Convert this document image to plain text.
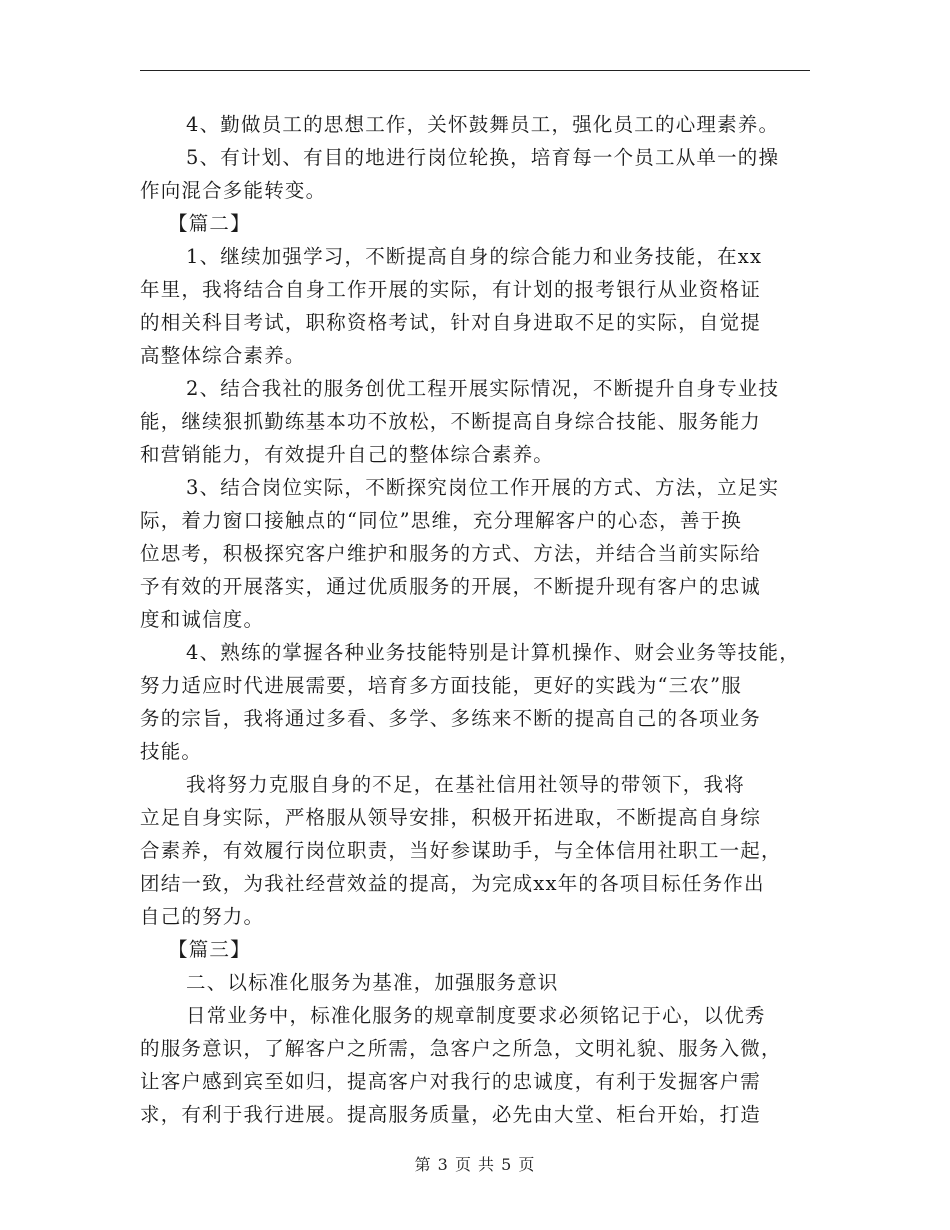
4、勤做员工的思想工作，关怀鼓舞员工，强化员工的心理素养。
5、有计划、有目的地进行岗位轮换，培育每一个员工从单一的操
作向混合多能转变。
【篇二】
1、继续加强学习，不断提高自身的综合能力和业务技能，在xx
年里，我将结合自身工作开展的实际，有计划的报考银行从业资格证
的相关科目考试，职称资格考试，针对自身进取不足的实际，自觉提
高整体综合素养。
2、结合我社的服务创优工程开展实际情况，不断提升自身专业技
能，继续狠抓勤练基本功不放松，不断提高自身综合技能、服务能力
和营销能力，有效提升自己的整体综合素养。
3、结合岗位实际，不断探究岗位工作开展的方式、方法，立足实
际，着力窗口接触点的“同位”思维，充分理解客户的心态，善于换
位思考，积极探究客户维护和服务的方式、方法，并结合当前实际给
予有效的开展落实，通过优质服务的开展，不断提升现有客户的忠诚
度和诚信度。
4、熟练的掌握各种业务技能特别是计算机操作、财会业务等技能，
努力适应时代进展需要，培育多方面技能，更好的实践为“三农”服
务的宗旨，我将通过多看、多学、多练来不断的提高自己的各项业务
技能。
我将努力克服自身的不足，在基社信用社领导的带领下，我将
立足自身实际，严格服从领导安排，积极开拓进取，不断提高自身综
合素养，有效履行岗位职责，当好参谋助手，与全体信用社职工一起，
团结一致，为我社经营效益的提高，为完成xx年的各项目标任务作出
自己的努力。
【篇三】
二、以标准化服务为基准，加强服务意识
日常业务中，标准化服务的规章制度要求必须铭记于心，以优秀
的服务意识，了解客户之所需，急客户之所急，文明礼貌、服务入微，
让客户感到宾至如归，提高客户对我行的忠诚度，有利于发掘客户需
求，有利于我行进展。提高服务质量，必先由大堂、柜台开始，打造
第 3 页 共 5 页
